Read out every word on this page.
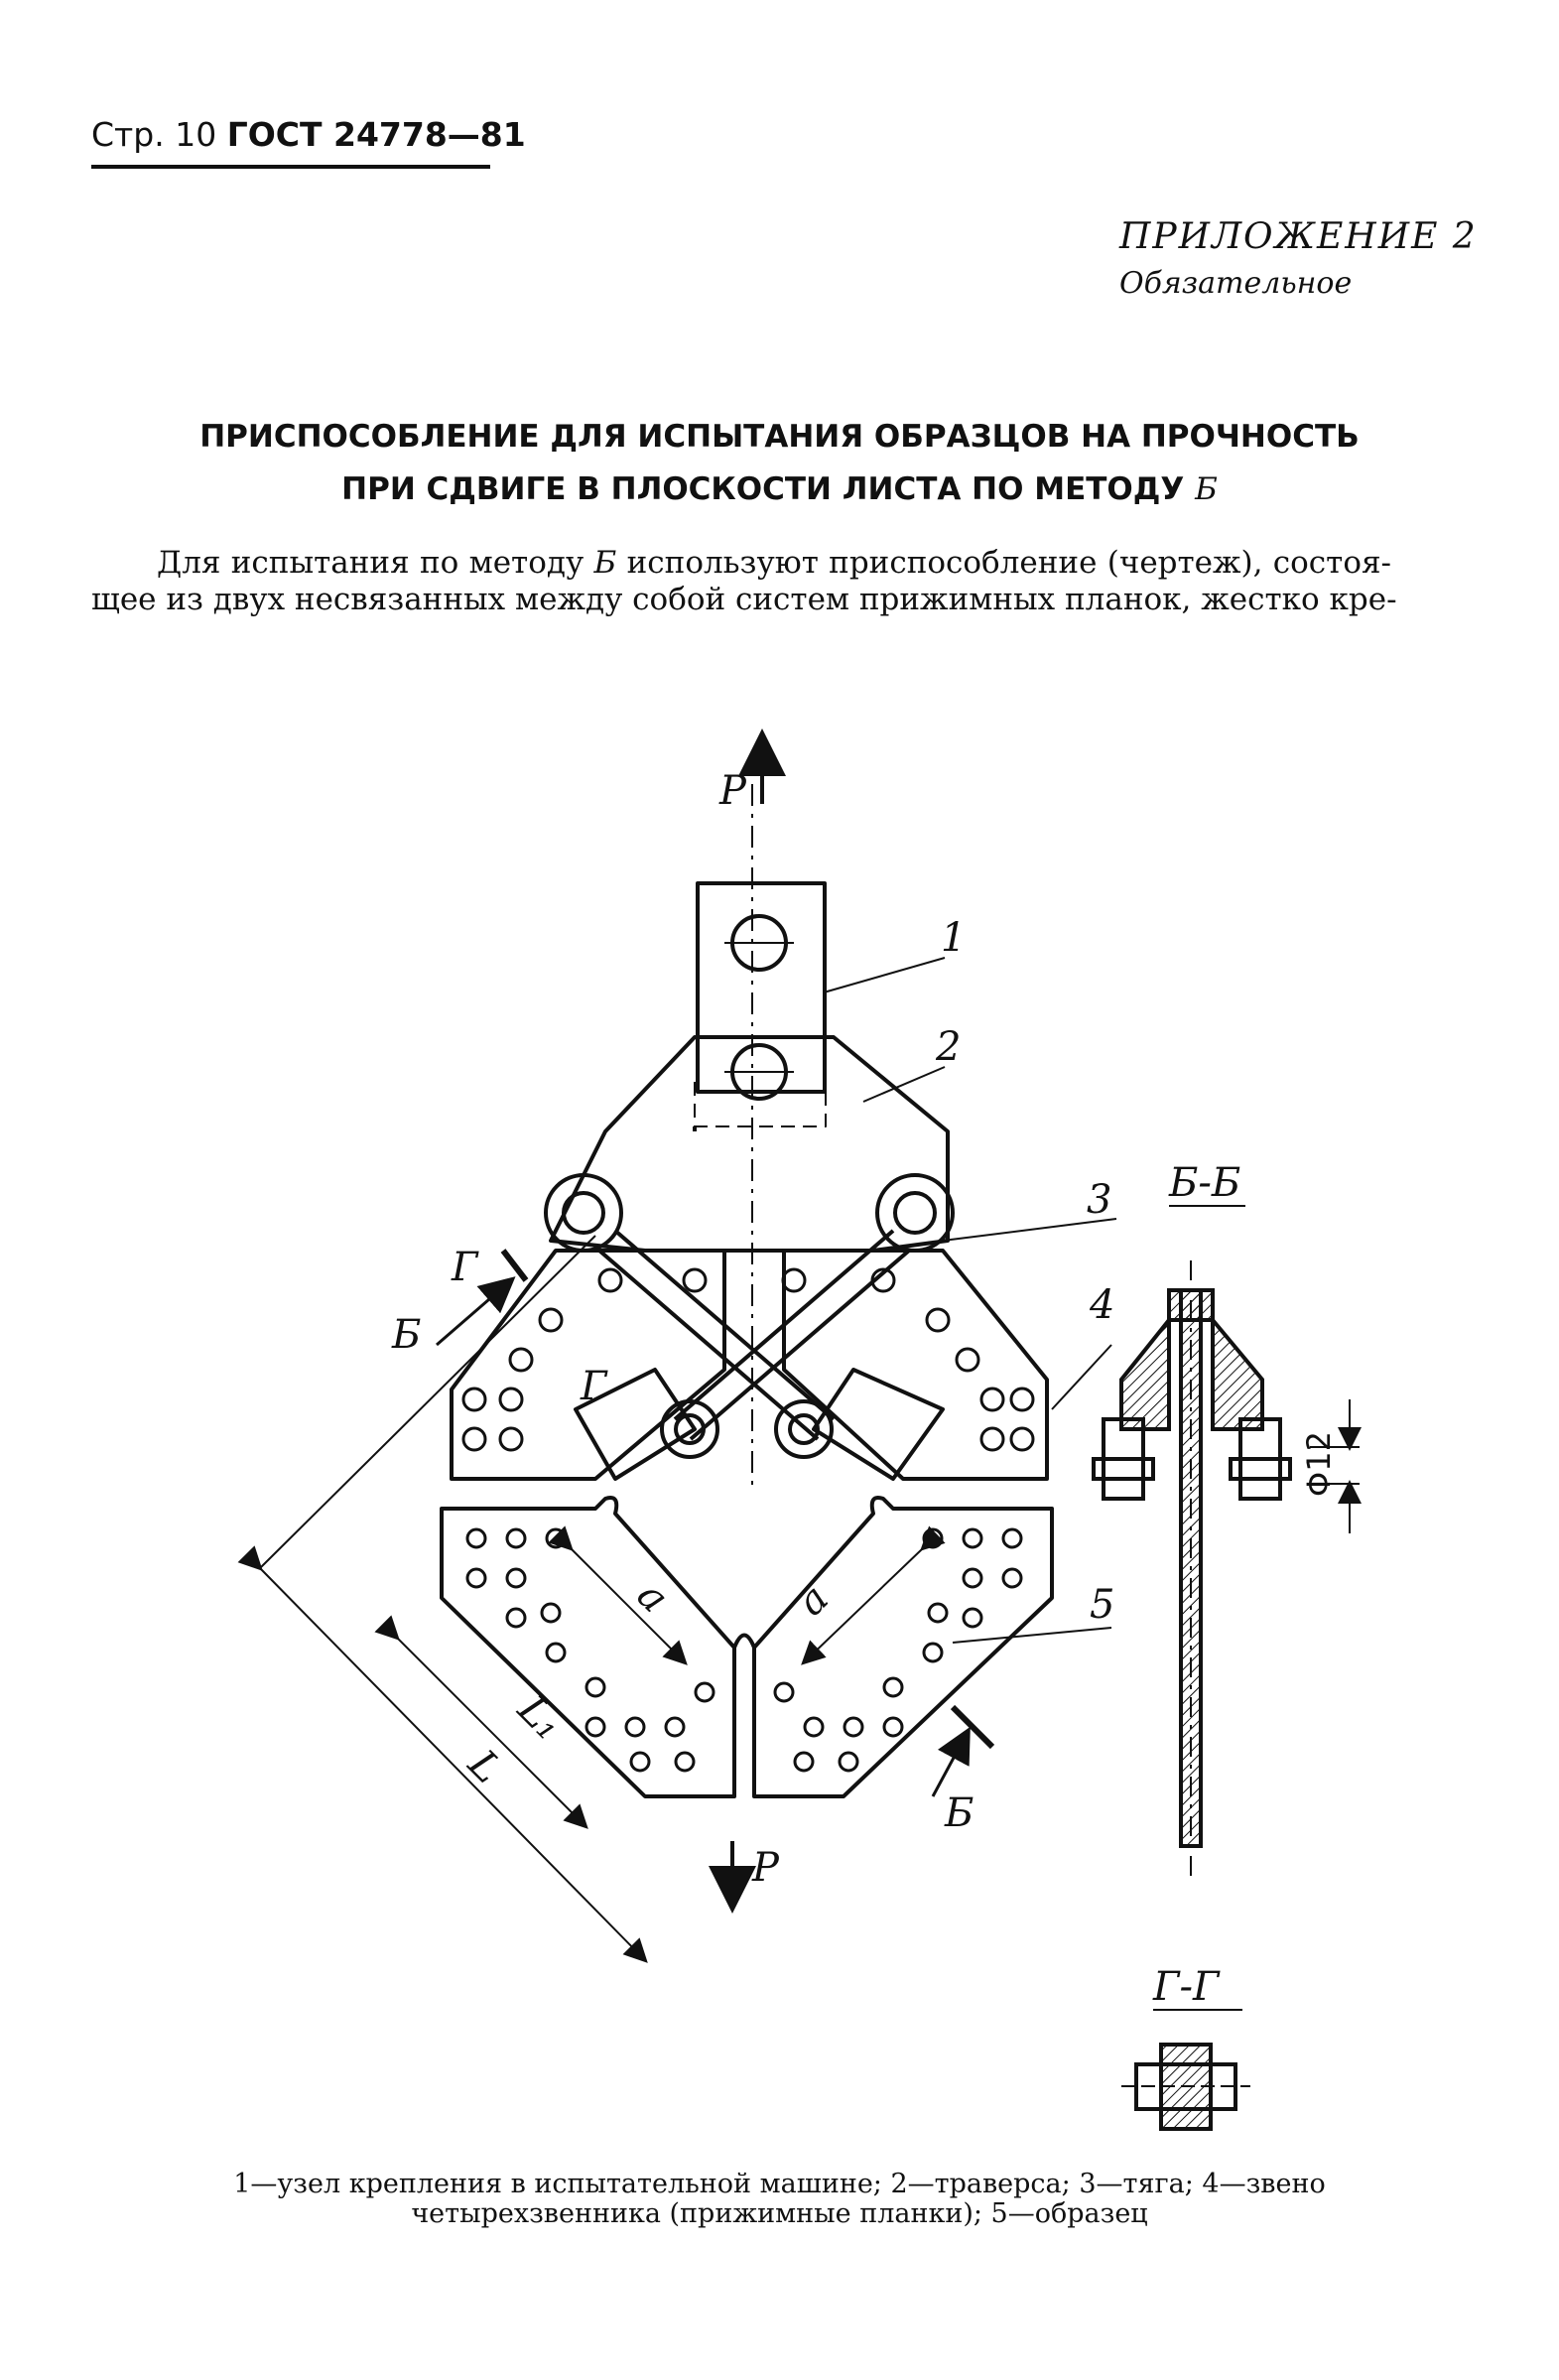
Стр. 10 ГОСТ 24778—81
ПРИЛОЖЕНИЕ 2
Обязательное
ПРИСПОСОБЛЕНИЕ ДЛЯ ИСПЫТАНИЯ ОБРАЗЦОВ НА ПРОЧНОСТЬ
ПРИ СДВИГЕ В ПЛОСКОСТИ ЛИСТА ПО МЕТОДУ Б
Для испытания по методу Б используют приспособление (чертеж), состоя-
щее из двух несвязанных между собой систем прижимных планок, жестко кре-
P
P
1
2
3
4
5
Б-Б
Г-Г
Б
Б
Г
Г
a	a
L
L₁
Φ12
1—узел крепления в испытательной машине; 2—траверса; 3—тяга; 4—звено
четырехзвенника (прижимные планки); 5—образец
